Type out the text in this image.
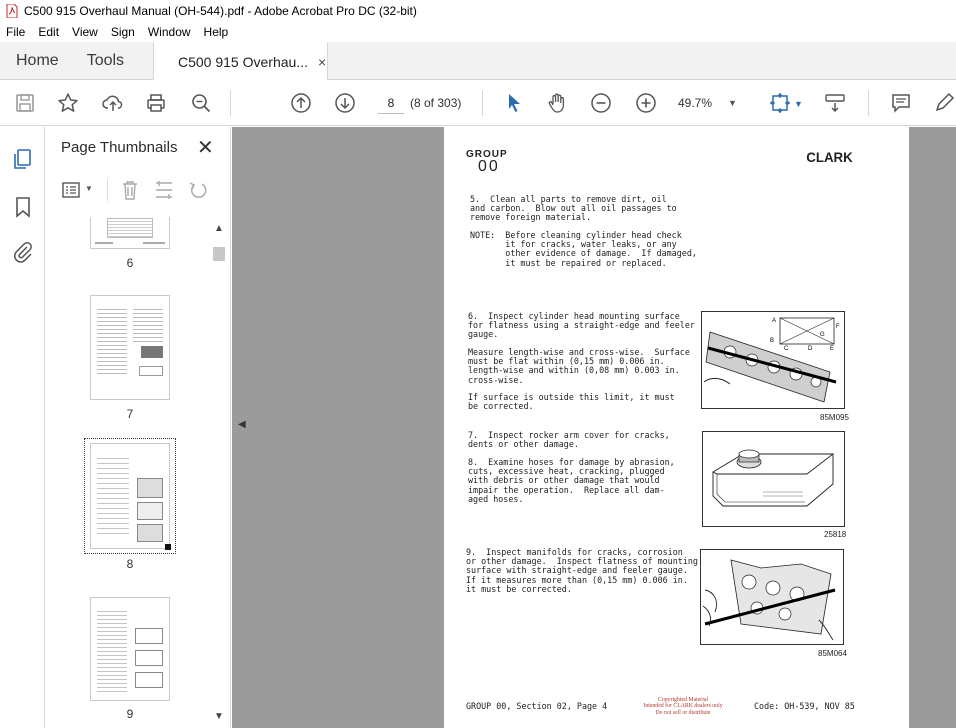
C500 915 Overhaul Manual (OH-544).pdf - Adobe Acrobat Pro DC (32-bit)
File Edit View Sign Window Help
Home	Tools	C500 915 Overhau... ×
8
(8 of 303)	49.7% ▼	▼
Page Thumbnails ✕
▼
6
7
8
9
▲
▼
◀
GROUP
00
CLARK
5.  Clean all parts to remove dirt, oil
and carbon.  Blow out all oil passages to
remove foreign material.
NOTE:  Before cleaning cylinder head check
it for cracks, water leaks, or any
other evidence of damage.  If damaged,
it must be repaired or replaced.
6.  Inspect cylinder head mounting surface
for flatness using a straight-edge and feeler
gauge.
Measure length-wise and cross-wise.  Surface
must be flat within (0,15 mm) 0.006 in.
length-wise and within (0,08 mm) 0.003 in.
cross-wise.
If surface is outside this limit, it must
be corrected.
7.  Inspect rocker arm cover for cracks,
dents or other damage.
8.  Examine hoses for damage by abrasion,
cuts, excessive heat, cracking, plugged
with debris or other damage that would
impair the operation.  Replace all dam-
aged hoses.
9.  Inspect manifolds for cracks, corrosion
or other damage.  Inspect flatness of mounting
surface with straight-edge and feeler gauge.
If it measures more than (0,15 mm) 0.006 in.
it must be corrected.
A
B
C	D	E
F
G
85M095
25818
85M064
GROUP 00, Section 02, Page 4
Copyrighted Material
Intended for CLARK dealers only
Do not sell or distribute
Code: OH-539, NOV 85
